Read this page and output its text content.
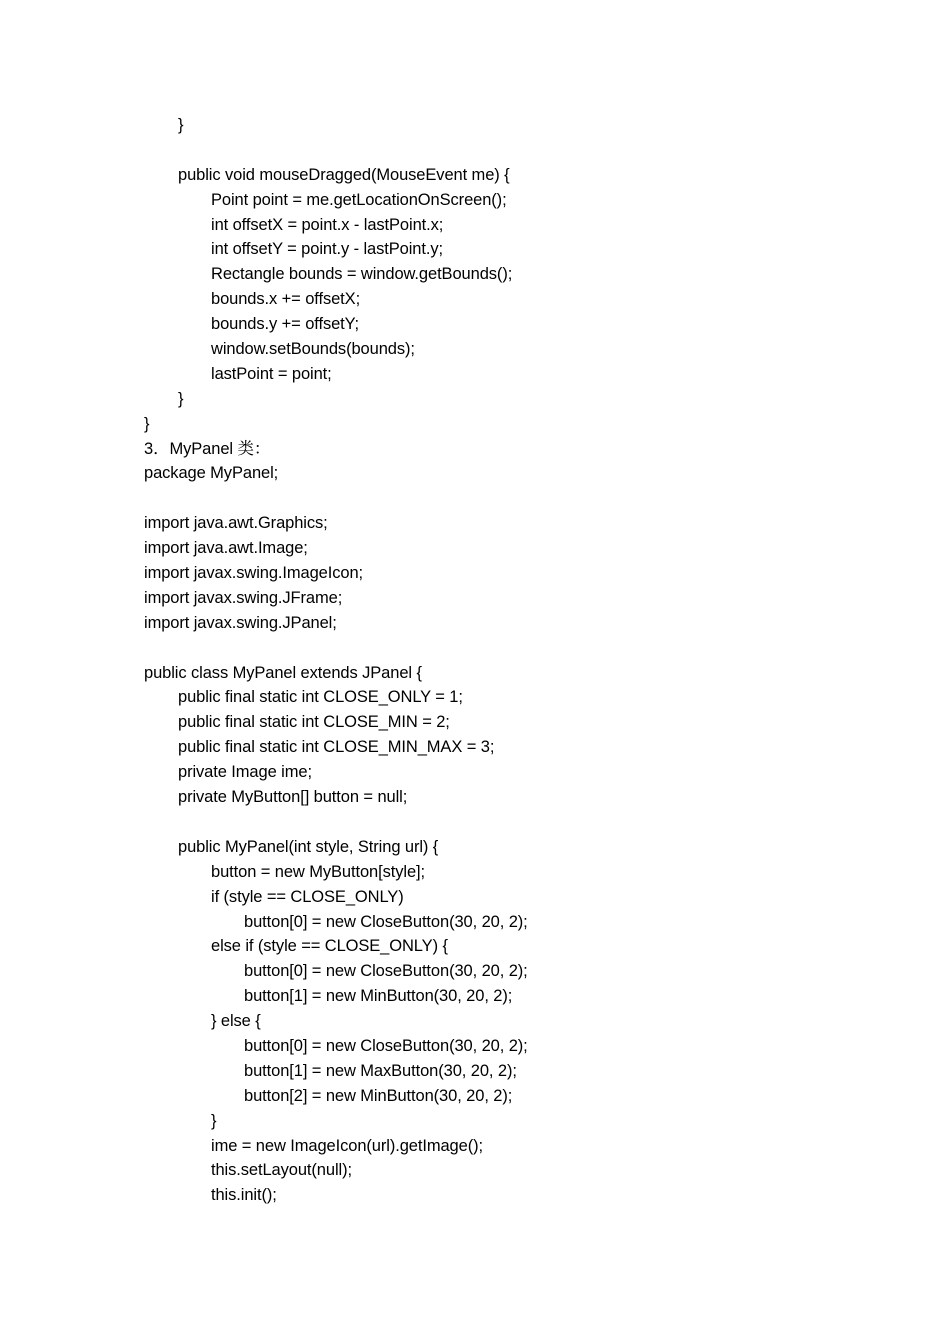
}
public void mouseDragged(MouseEvent me) {
Point point = me.getLocationOnScreen();
int offsetX = point.x - lastPoint.x;
int offsetY = point.y - lastPoint.y;
Rectangle bounds = window.getBounds();
bounds.x += offsetX;
bounds.y += offsetY;
window.setBounds(bounds);
lastPoint = point;
}
}
3．MyPanel 类：
package MyPanel;
import java.awt.Graphics;
import java.awt.Image;
import javax.swing.ImageIcon;
import javax.swing.JFrame;
import javax.swing.JPanel;
public class MyPanel extends JPanel {
public final static int CLOSE_ONLY = 1;
public final static int CLOSE_MIN = 2;
public final static int CLOSE_MIN_MAX = 3;
private Image ime;
private MyButton[] button = null;
public MyPanel(int style, String url) {
button = new MyButton[style];
if (style == CLOSE_ONLY)
button[0] = new CloseButton(30, 20, 2);
else if (style == CLOSE_ONLY) {
button[0] = new CloseButton(30, 20, 2);
button[1] = new MinButton(30, 20, 2);
} else {
button[0] = new CloseButton(30, 20, 2);
button[1] = new MaxButton(30, 20, 2);
button[2] = new MinButton(30, 20, 2);
}
ime = new ImageIcon(url).getImage();
this.setLayout(null);
this.init();
